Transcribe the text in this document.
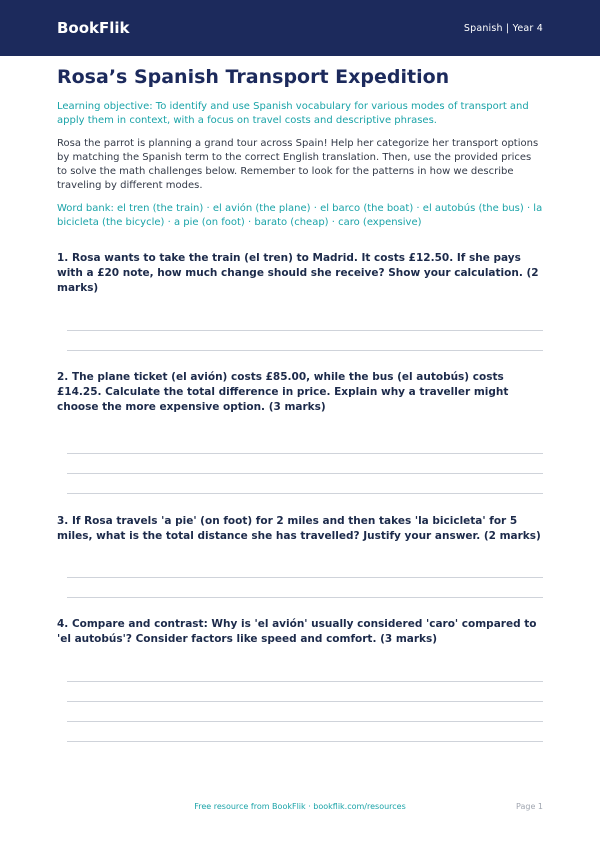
BookFlik	Spanish | Year 4
Rosa’s Spanish Transport Expedition
Learning objective: To identify and use Spanish vocabulary for various modes of transport and apply them in context, with a focus on travel costs and descriptive phrases.
Rosa the parrot is planning a grand tour across Spain! Help her categorize her transport options by matching the Spanish term to the correct English translation. Then, use the provided prices to solve the math challenges below. Remember to look for the patterns in how we describe traveling by different modes.
Word bank: el tren (the train) · el avión (the plane) · el barco (the boat) · el autobús (the bus) · la bicicleta (the bicycle) · a pie (on foot) · barato (cheap) · caro (expensive)
1. Rosa wants to take the train (el tren) to Madrid. It costs £12.50. If she pays with a £20 note, how much change should she receive? Show your calculation. (2 marks)
2. The plane ticket (el avión) costs £85.00, while the bus (el autobús) costs £14.25. Calculate the total difference in price. Explain why a traveller might choose the more expensive option. (3 marks)
3. If Rosa travels 'a pie' (on foot) for 2 miles and then takes 'la bicicleta' for 5 miles, what is the total distance she has travelled? Justify your answer. (2 marks)
4. Compare and contrast: Why is 'el avión' usually considered 'caro' compared to 'el autobús'? Consider factors like speed and comfort. (3 marks)
Free resource from BookFlik · bookflik.com/resources	Page 1
